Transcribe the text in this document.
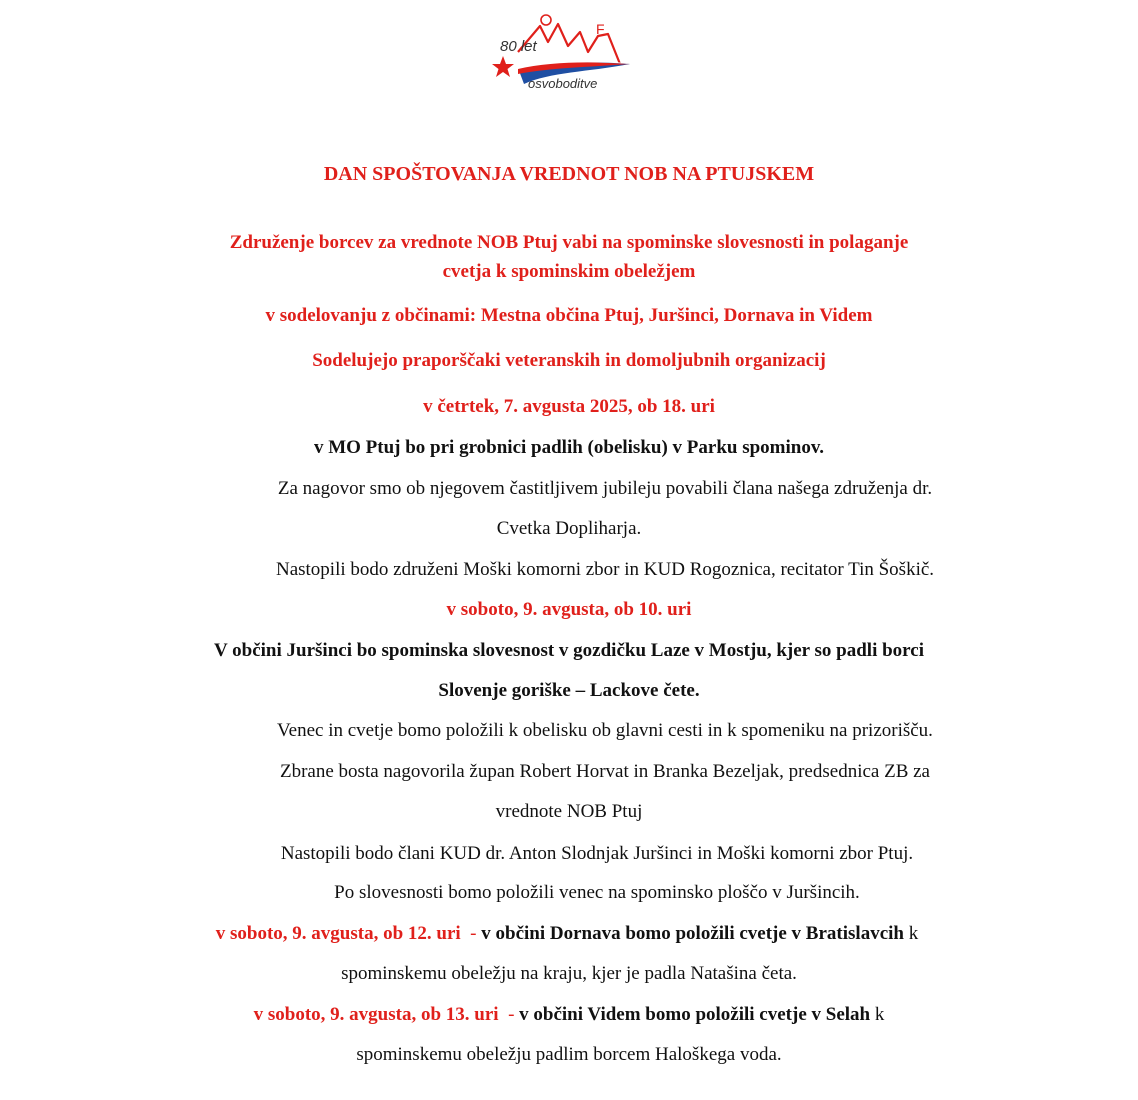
F
80 let
osvoboditve
DAN SPOŠTOVANJA VREDNOT NOB NA PTUJSKEM
Združenje borcev za vrednote NOB Ptuj vabi na spominske slovesnosti in polaganje
cvetja k spominskim obeležjem
v sodelovanju z občinami: Mestna občina Ptuj, Juršinci, Dornava in Videm
Sodelujejo praporščaki veteranskih in domoljubnih organizacij
v četrtek, 7. avgusta 2025, ob 18. uri
v MO Ptuj bo pri grobnici padlih (obelisku) v Parku spominov.
Za nagovor smo ob njegovem častitljivem jubileju povabili člana našega združenja dr.
Cvetka Dopliharja.
Nastopili bodo združeni Moški komorni zbor in KUD Rogoznica, recitator Tin Šoškič.
v soboto, 9. avgusta, ob 10. uri
V občini Juršinci bo spominska slovesnost v gozdičku Laze v Mostju, kjer so padli borci
Slovenje goriške – Lackove čete.
Venec in cvetje bomo položili k obelisku ob glavni cesti in k spomeniku na prizorišču.
Zbrane bosta nagovorila župan Robert Horvat in Branka Bezeljak, predsednica ZB za
vrednote NOB Ptuj
Nastopili bodo člani KUD dr. Anton Slodnjak Juršinci in Moški komorni zbor Ptuj.
Po slovesnosti bomo položili venec na spominsko ploščo v Juršincih.
v soboto, 9. avgusta, ob 12. uri  - v občini Dornava bomo položili cvetje v Bratislavcih k
spominskemu obeležju na kraju, kjer je padla Natašina četa.
v soboto, 9. avgusta, ob 13. uri  - v občini Videm bomo položili cvetje v Selah k
spominskemu obeležju padlim borcem Haloškega voda.
